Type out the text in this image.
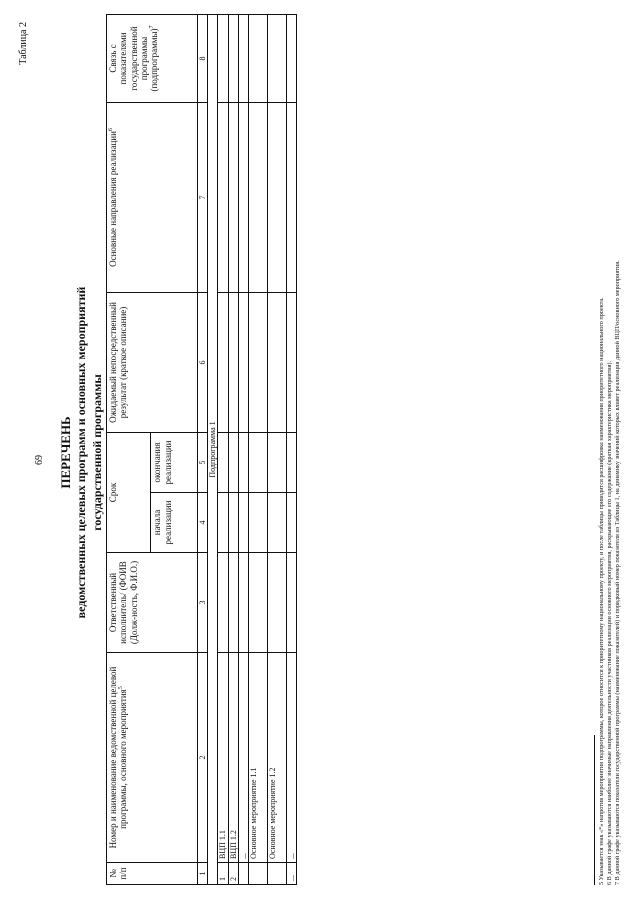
69
Таблица 2
ПЕРЕЧЕНЬ ведомственных целевых программ и основных мероприятий государственной программы
№ п/п	Номер и наименование ведомственной целевой программы, основного мероприятия$^5$	Ответственный исполнитель/ (ФОИВ (Долж-ность, Ф.И.О.)	Срок		Ожидаемый непосредственный результат (краткое описание)	Основные направления реализации$^6$	Связь с показателями государственной программы (подпрограммы)$^7$
			начала реализации	окончания реализации			
1	2	3	4	5	6	7	8
Подпрограмма 1							
1	ВЦП 1.1						
2	ВЦП 1.2						
	...						
	Основное мероприятие 1.1						
	Основное мероприятие 1.2						
...	...							5 Указывается знак «*» напротив мероприятия подпрограммы, которое относится к приоритетному национальному проекту, и после таблицы приводится расшифровка наименования приоритетного национального проекта. 6 В данной графе указываются наиболее значимые направления деятельности участников реализации основного мероприятия, раскрывающие его содержание (краткая характеристика мероприятия). 7 В данной графе указываются показатели государственной программы (наименование показателей) и порядковый номер показателя из Таблицы 1, на динамику значений которых влияет реализация данной ВЦП/основного мероприятия.
